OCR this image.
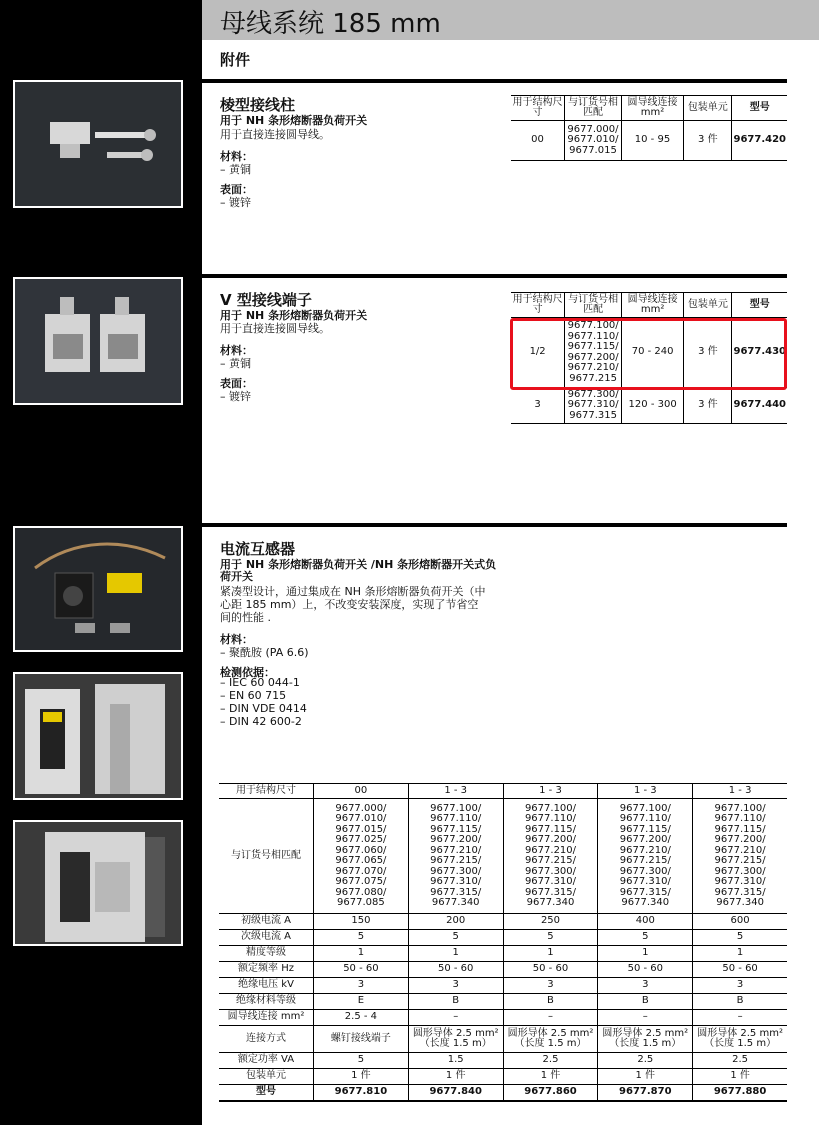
母线系统 185 mm
附件
棱型接线柱
用于 NH 条形熔断器负荷开关
用于直接连接圆导线。
材料：
– 黄铜
表面：
– 镀锌
用于结构尺寸	与订货号相匹配	圆导线连接 mm²	包装单元	型号
00	9677.000/ 9677.010/ 9677.015	10 - 95	3 件	9677.420
V 型接线端子
用于 NH 条形熔断器负荷开关
用于直接连接圆导线。
材料：
– 黄铜
表面：
– 镀锌
用于结构尺寸	与订货号相匹配	圆导线连接 mm²	包装单元	型号
1/2	9677.100/ 9677.110/ 9677.115/ 9677.200/ 9677.210/ 9677.215	70 - 240	3 件	9677.430
3	9677.300/ 9677.310/ 9677.315	120 - 300	3 件	9677.440
电流互感器
用于 NH 条形熔断器负荷开关 /NH 条形熔断器开关式负荷开关
紧凑型设计，通过集成在 NH 条形熔断器负荷开关（中心距 185 mm）上，不改变安装深度，实现了节省空间的性能 .
材料：
– 聚酰胺 (PA 6.6)
检测依据：
– IEC 60 044-1
– EN 60 715
– DIN VDE 0414
– DIN 42 600-2
用于结构尺寸	00	1 - 3	1 - 3	1 - 3	1 - 3
与订货号相匹配	9677.000/ 9677.010/ 9677.015/ 9677.025/ 9677.060/ 9677.065/ 9677.070/ 9677.075/ 9677.080/ 9677.085	9677.100/ 9677.110/ 9677.115/ 9677.200/ 9677.210/ 9677.215/ 9677.300/ 9677.310/ 9677.315/ 9677.340	9677.100/ 9677.110/ 9677.115/ 9677.200/ 9677.210/ 9677.215/ 9677.300/ 9677.310/ 9677.315/ 9677.340	9677.100/ 9677.110/ 9677.115/ 9677.200/ 9677.210/ 9677.215/ 9677.300/ 9677.310/ 9677.315/ 9677.340	9677.100/ 9677.110/ 9677.115/ 9677.200/ 9677.210/ 9677.215/ 9677.300/ 9677.310/ 9677.315/ 9677.340
初级电流 A	150	200	250	400	600
次级电流 A	5	5	5	5	5
精度等级	1	1	1	1	1
额定频率 Hz	50 - 60	50 - 60	50 - 60	50 - 60	50 - 60
绝缘电压 kV	3	3	3	3	3
绝缘材料等级	E	B	B	B	B
圆导线连接 mm²	2.5 - 4	–	–	–	–
连接方式	螺钉接线端子	圆形导体 2.5 mm² （长度 1.5 m）	圆形导体 2.5 mm² （长度 1.5 m）	圆形导体 2.5 mm² （长度 1.5 m）	圆形导体 2.5 mm² （长度 1.5 m）
额定功率 VA	5	1.5	2.5	2.5	2.5
包装单元	1 件	1 件	1 件	1 件	1 件
型号	9677.810	9677.840	9677.860	9677.870	9677.880
